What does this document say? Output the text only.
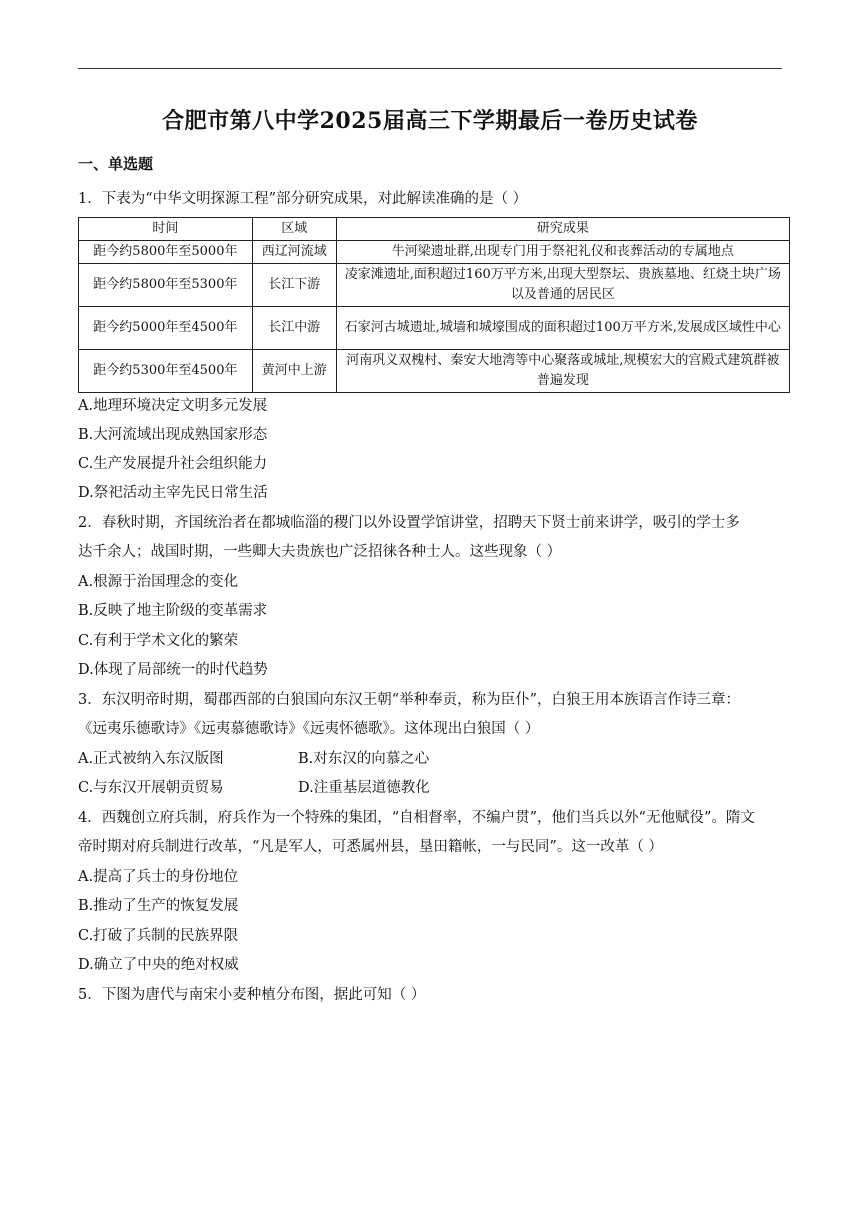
合肥市第八中学2025届高三下学期最后一卷历史试卷
一、单选题
1．下表为“中华文明探源工程”部分研究成果，对此解读准确的是（ ）
时间	区域	研究成果
距今约5800年至5000年	西辽河流域	牛河梁遗址群,出现专门用于祭祀礼仪和丧葬活动的专属地点
距今约5800年至5300年	长江下游	凌家滩遗址,面积超过160万平方米,出现大型祭坛、贵族墓地、红烧土块广场以及普通的居民区
距今约5000年至4500年	长江中游	石家河古城遗址,城墙和城壕围成的面积超过100万平方米,发展成区域性中心
距今约5300年至4500年	黄河中上游	河南巩义双槐村、秦安大地湾等中心聚落或城址,规模宏大的宫殿式建筑群被普遍发现
A.地理环境决定文明多元发展
B.大河流域出现成熟国家形态
C.生产发展提升社会组织能力
D.祭祀活动主宰先民日常生活
2．春秋时期，齐国统治者在都城临淄的稷门以外设置学馆讲堂，招聘天下贤士前来讲学，吸引的学士多
达千余人；战国时期，一些卿大夫贵族也广泛招徕各种士人。这些现象（ ）
A.根源于治国理念的变化
B.反映了地主阶级的变革需求
C.有利于学术文化的繁荣
D.体现了局部统一的时代趋势
3．东汉明帝时期，蜀郡西部的白狼国向东汉王朝“举种奉贡，称为臣仆”，白狼王用本族语言作诗三章：
《远夷乐德歌诗》《远夷慕德歌诗》《远夷怀德歌》。这体现出白狼国（ ）
A.正式被纳入东汉版图	B.对东汉的向慕之心
C.与东汉开展朝贡贸易	D.注重基层道德教化
4．西魏创立府兵制，府兵作为一个特殊的集团，“自相督率，不编户贯”，他们当兵以外“无他赋役”。隋文
帝时期对府兵制进行改革，“凡是军人，可悉属州县，垦田籍帐，一与民同”。这一改革（ ）
A.提高了兵士的身份地位
B.推动了生产的恢复发展
C.打破了兵制的民族界限
D.确立了中央的绝对权威
5．下图为唐代与南宋小麦种植分布图，据此可知（ ）
